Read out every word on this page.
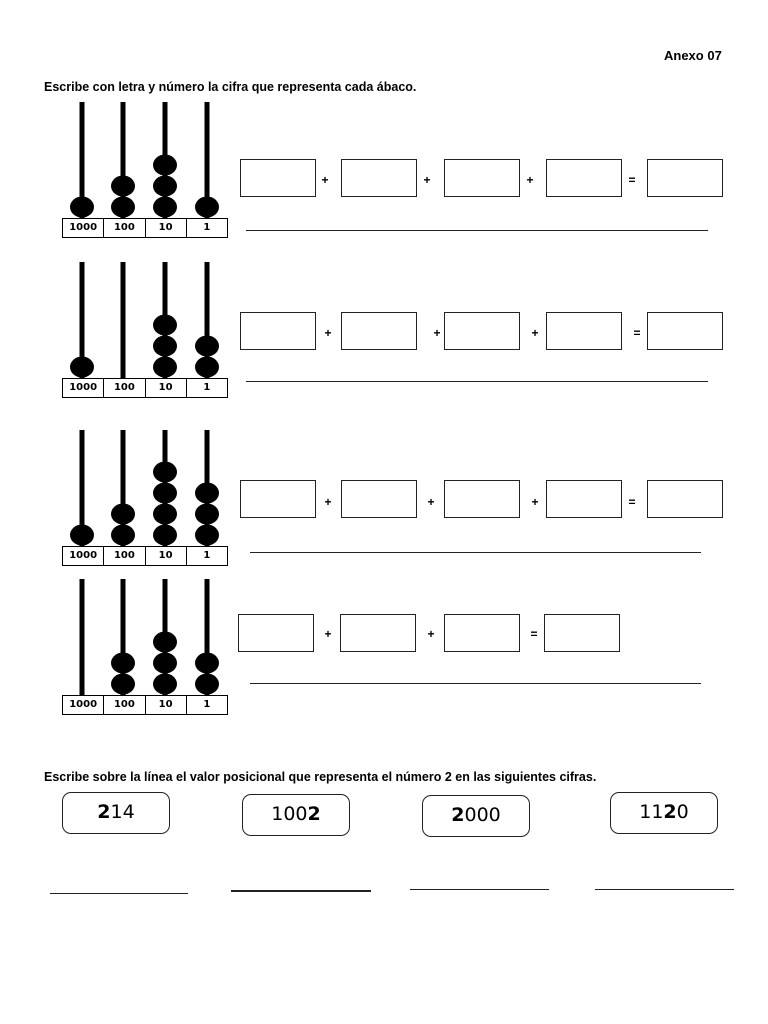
Anexo 07
Escribe con letra y número la cifra que representa cada ábaco.
1000	100	10	1
+	+	+	=
1000	100	10	1
+	+	+	=
1000	100	10	1
+	+	+	=
1000	100	10	1
+	+	=
Escribe sobre la línea el valor posicional que representa el número 2 en las siguientes cifras.
214	1002	2000	1120
